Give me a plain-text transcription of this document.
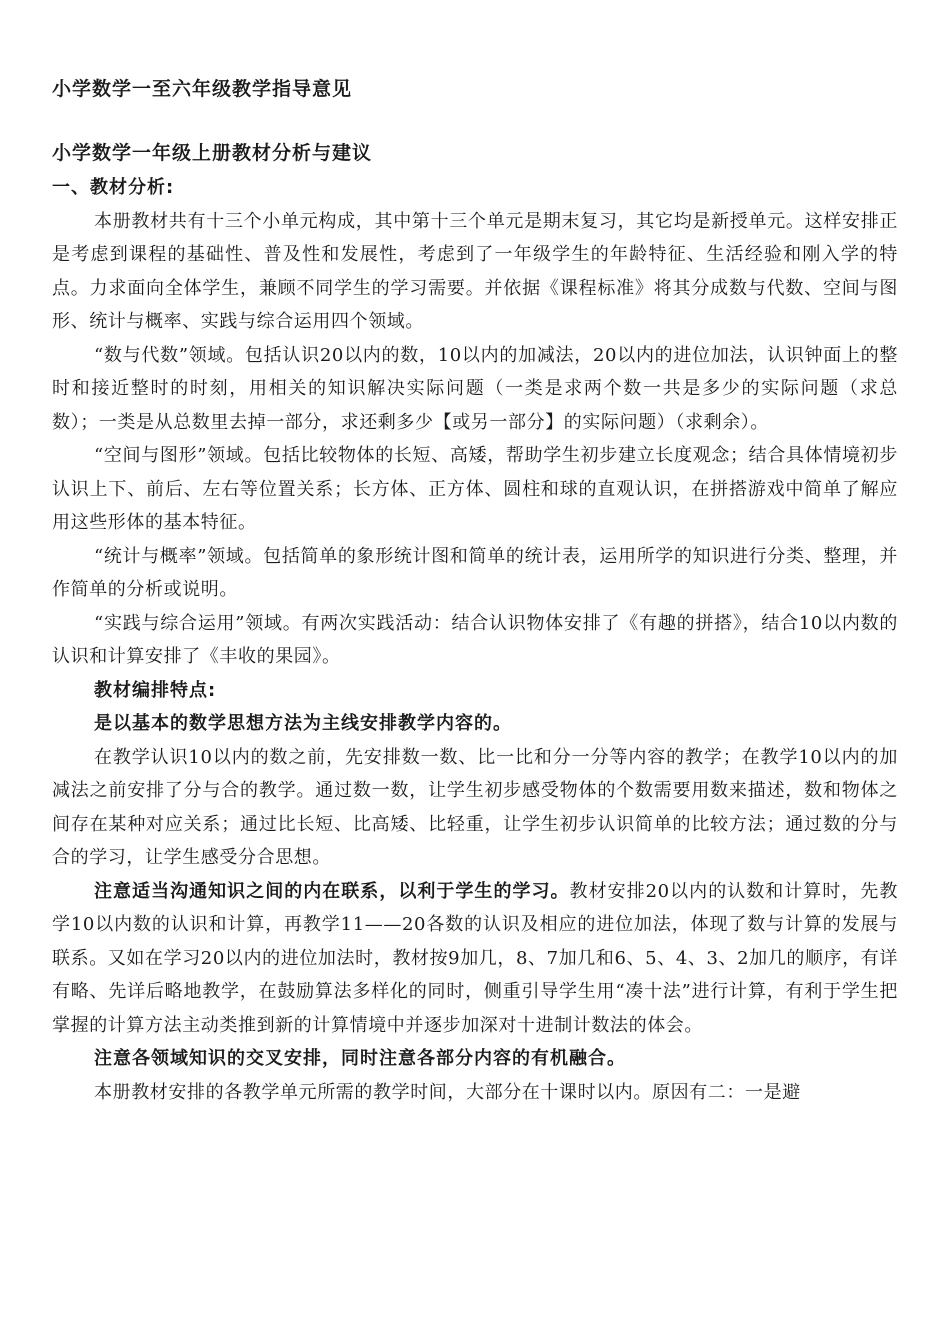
小学数学一至六年级教学指导意见
小学数学一年级上册教材分析与建议

一、教材分析:

本册教材共有十三个小单元构成，其中第十三个单元是期末复习，其它均是新授单元。这样安排正是考虑到课程的基础性、普及性和发展性，考虑到了一年级学生的年龄特征、生活经验和刚入学的特点。力求面向全体学生，兼顾不同学生的学习需要。并依据《课程标准》将其分成数与代数、空间与图形、统计与概率、实践与综合运用四个领域。

“数与代数”领域。包括认识20以内的数，10以内的加减法，20以内的进位加法，认识钟面上的整时和接近整时的时刻，用相关的知识解决实际问题（一类是求两个数一共是多少的实际问题（求总数）；一类是从总数里去掉一部分，求还剩多少【或另一部分】的实际问题）（求剩余）。

“空间与图形”领域。包括比较物体的长短、高矮，帮助学生初步建立长度观念；结合具体情境初步认识上下、前后、左右等位置关系；长方体、正方体、圆柱和球的直观认识，在拼搭游戏中简单了解应用这些形体的基本特征。

“统计与概率”领域。包括简单的象形统计图和简单的统计表，运用所学的知识进行分类、整理，并作简单的分析或说明。

“实践与综合运用”领域。有两次实践活动：结合认识物体安排了《有趣的拼搭》，结合10以内数的认识和计算安排了《丰收的果园》。

教材编排特点:

是以基本的数学思想方法为主线安排教学内容的。

在教学认识10以内的数之前，先安排数一数、比一比和分一分等内容的教学；在教学10以内的加减法之前安排了分与合的教学。通过数一数，让学生初步感受物体的个数需要用数来描述，数和物体之间存在某种对应关系；通过比长短、比高矮、比轻重，让学生初步认识简单的比较方法；通过数的分与合的学习，让学生感受分合思想。

注意适当沟通知识之间的内在联系，以利于学生的学习。教材安排20以内的认数和计算时，先教学10以内数的认识和计算，再教学11——20各数的认识及相应的进位加法，体现了数与计算的发展与联系。又如在学习20以内的进位加法时，教材按9加几，8、7加几和6、5、4、3、2加几的顺序，有详有略、先详后略地教学，在鼓励算法多样化的同时，侧重引导学生用“凑十法”进行计算，有利于学生把掌握的计算方法主动类推到新的计算情境中并逐步加深对十进制计数法的体会。

注意各领域知识的交叉安排，同时注意各部分内容的有机融合。

本册教材安排的各教学单元所需的教学时间，大部分在十课时以内。原因有二：一是避
